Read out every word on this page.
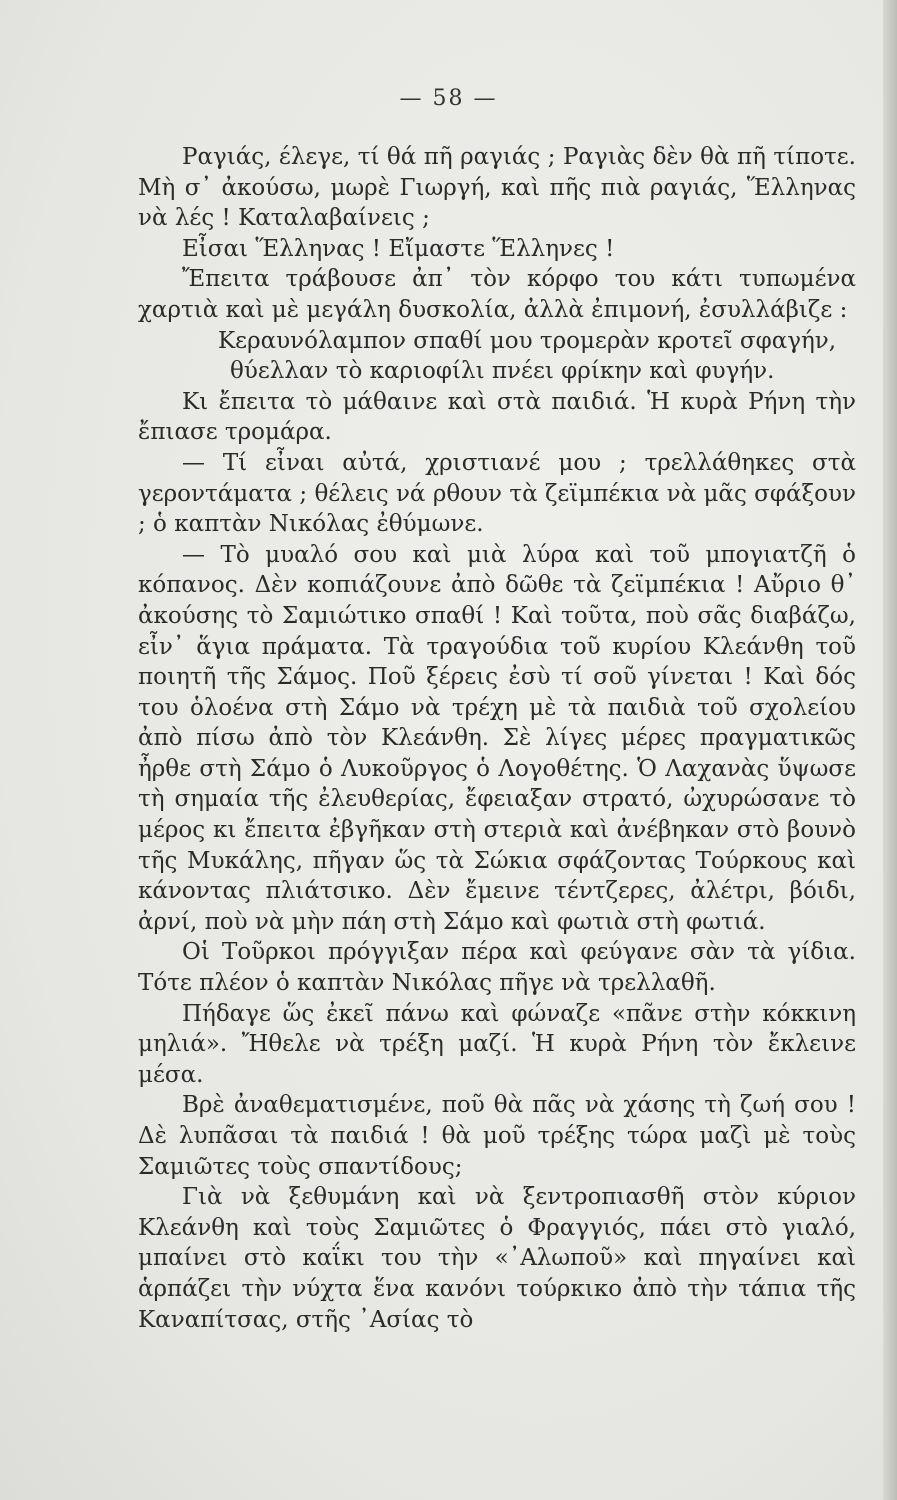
— 58 —

Ραγιάς, έλεγε, τί θά πῆ ραγιάς ; Ραγιὰς δὲν θὰ πῆ τίποτε. Μὴ σ᾿ ἀκούσω, μωρὲ Γιωργή, καὶ πῆς πιὰ ραγιάς, Ἕλληνας νὰ λές ! Καταλαβαίνεις ;

Εἶσαι Ἕλληνας ! Εἴμαστε Ἕλληνες !

Ἔπειτα τράβουσε ἀπ᾿ τὸν κόρφο του κάτι τυπωμένα χαρτιὰ καὶ μὲ μεγάλη δυσκολία, ἀλλὰ ἐπιμονή, ἐσυλλάβιζε :

Κεραυνόλαμπον σπαθί μου τρομερὰν κροτεῖ σφαγήν,

θύελλαν τὸ καριοφίλι πνέει φρίκην καὶ φυγήν.

Κι ἔπειτα τὸ μάθαινε καὶ στὰ παιδιά. Ἡ κυρὰ Ρήνη τὴν ἔπιασε τρομάρα.

— Τί εἶναι αὐτά, χριστιανέ μου ; τρελλάθηκες στὰ γεροντάματα ; θέλεις νά ρθουν τὰ ζεϊμπέκια νὰ μᾶς σφάξουν ; ὁ καπτὰν Νικόλας ἐθύμωνε.

— Τὸ μυαλό σου καὶ μιὰ λύρα καὶ τοῦ μπογιατζῆ ὁ κόπανος. Δὲν κοπιάζουνε ἀπὸ δῶθε τὰ ζεϊμπέκια ! Αὔριο θ᾿ ἀκούσης τὸ Σαμιώτικο σπαθί ! Καὶ τοῦτα, ποὺ σᾶς διαβάζω, εἶν᾿ ἅγια πράματα. Τὰ τραγούδια τοῦ κυρίου Κλεάνθη τοῦ ποιητῆ τῆς Σάμος. Ποῦ ξέρεις ἐσὺ τί σοῦ γίνεται ! Καὶ δός του ὁλοένα στὴ Σάμο νὰ τρέχη μὲ τὰ παιδιὰ τοῦ σχολείου ἀπὸ πίσω ἀπὸ τὸν Κλεάνθη. Σὲ λίγες μέρες πραγματικῶς ἦρθε στὴ Σάμο ὁ Λυκοῦργος ὁ Λογοθέτης. Ὁ Λαχανὰς ὕψωσε τὴ σημαία τῆς ἐλευθερίας, ἔφειαξαν στρατό, ὠχυρώσανε τὸ μέρος κι ἔπειτα ἐβγῆκαν στὴ στεριὰ καὶ ἀνέβηκαν στὸ βουνὸ τῆς Μυκάλης, πῆγαν ὥς τὰ Σώκια σφάζοντας Τούρκους καὶ κάνοντας πλιάτσικο. Δὲν ἔμεινε τέντζερες, ἀλέτρι, βόιδι, ἀρνί, ποὺ νὰ μὴν πάη στὴ Σάμο καὶ φωτιὰ στὴ φωτιά.

Οἱ Τοῦρκοι πρόγγιξαν πέρα καὶ φεύγανε σὰν τὰ γίδια. Τότε πλέον ὁ καπτὰν Νικόλας πῆγε νὰ τρελλαθῆ.

Πήδαγε ὥς ἐκεῖ πάνω καὶ φώναζε «πᾶνε στὴν κόκκινη μηλιά». Ἤθελε νὰ τρέξη μαζί. Ἡ κυρὰ Ρήνη τὸν ἔκλεινε μέσα.

Βρὲ ἀναθεματισμένε, ποῦ θὰ πᾶς νὰ χάσης τὴ ζωή σου ! Δὲ λυπᾶσαι τὰ παιδιά ! θὰ μοῦ τρέξης τώρα μαζὶ μὲ τοὺς Σαμιῶτες τοὺς σπαντίδους;

Γιὰ νὰ ξεθυμάνη καὶ νὰ ξεντροπιασθῆ στὸν κύριον Κλεάνθη καὶ τοὺς Σαμιῶτες ὁ Φραγγιός, πάει στὸ γιαλό, μπαίνει στὸ καΐκι του τὴν «᾿Αλωποῦ» καὶ πηγαίνει καὶ ἁρπάζει τὴν νύχτα ἕνα κανόνι τούρκικο ἀπὸ τὴν τάπια τῆς Καναπίτσας, στῆς ᾿Ασίας τὸ
